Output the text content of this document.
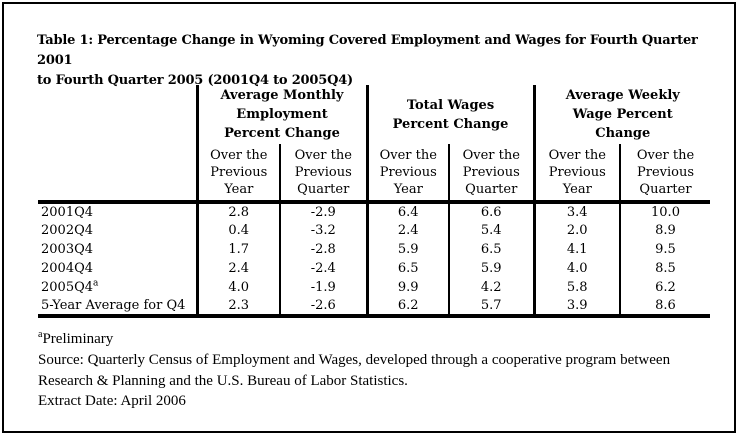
Table 1: Percentage Change in Wyoming Covered Employment and Wages for Fourth Quarter 2001
to Fourth Quarter 2005 (2001Q4 to 2005Q4)
	Average Monthly Employment Percent Change		Total Wages Percent Change		Average Weekly Wage Percent Change	
	Over the Previous Year	Over the Previous Quarter	Over the Previous Year	Over the Previous Quarter	Over the Previous Year	Over the Previous Quarter
2001Q4	2.8	-2.9	6.4	6.6	3.4	10.0
2002Q4	0.4	-3.2	2.4	5.4	2.0	8.9
2003Q4	1.7	-2.8	5.9	6.5	4.1	9.5
2004Q4	2.4	-2.4	6.5	5.9	4.0	8.5
2005Q4$^a$	4.0	-1.9	9.9	4.2	5.8	6.2
5-Year Average for Q4	2.3	-2.6	6.2	5.7	3.9	8.6
$^a$Preliminary
Source: Quarterly Census of Employment and Wages, developed through a cooperative program between Research & Planning and the U.S. Bureau of Labor Statistics.
Extract Date: April 2006
